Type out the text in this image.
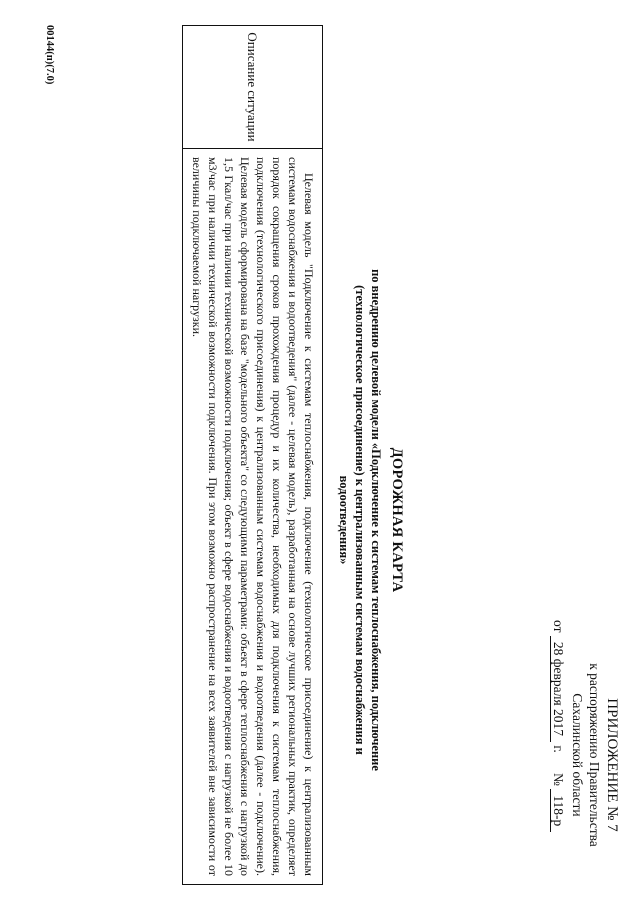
ПРИЛОЖЕНИЕ № 7
к распоряжению Правительства
Сахалинской области
от 28 февраля 2017 г.      № 118-р
ДОРОЖНАЯ КАРТА
по внедрению целевой модели «Подключение к системам теплоснабжения, подключение (технологическое присоединение) к централизованным системам водоснабжения и водоотведения»
Описание ситуации	Целевая модель "Подключение к системам теплоснабжения, подключение (технологическое присоединение) к централизованным системам водоснабжения и водоотведения" (далее - целевая модель), разработанная на основе лучших региональных практик, определяет порядок сокращения сроков прохождения процедур и их количества, необходимых для подключения к системам теплоснабжения, подключения (технологического присоединения) к централизованным системам водоснабжения и водоотведения (далее - подключение). Целевая модель сформирована на базе "модельного объекта" со следующими параметрами: объект в сфере теплоснабжения с нагрузкой до 1,5 Гкал/час при наличии технической возможности подключения; объект в сфере водоснабжения и водоотведения с нагрузкой не более 10 м3/час при наличии технической возможности подключения. При этом возможно распространение на всех заявителей вне зависимости от величины подключаемой нагрузки.
00144(п)(7.0)
